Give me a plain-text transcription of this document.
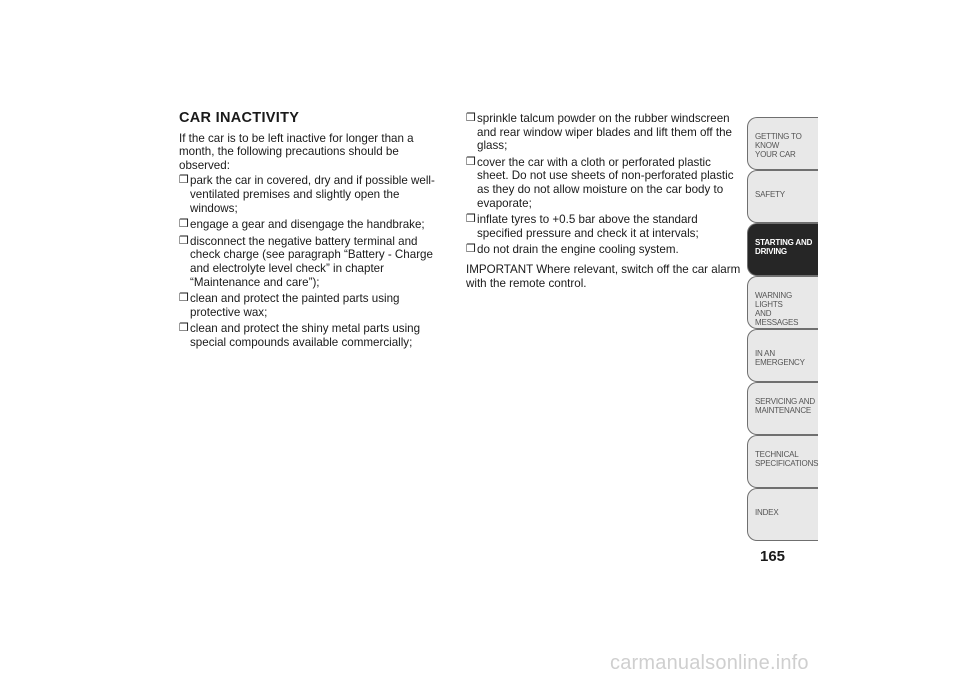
CAR INACTIVITY
If the car is to be left inactive for longer than a month, the following precautions should be observed:
❒ park the car in covered, dry and if possible well-ventilated premises and slightly open the windows;
❒ engage a gear and disengage the handbrake;
❒ disconnect the negative battery terminal and check charge (see paragraph “Battery - Charge and electrolyte level check” in chapter “Maintenance and care”);
❒ clean and protect the painted parts using protective wax;
❒ clean and protect the shiny metal parts using special compounds available commercially;
❒ sprinkle talcum powder on the rubber windscreen and rear window wiper blades and lift them off the glass;
❒ cover the car with a cloth or perforated plastic sheet. Do not use sheets of non-perforated plastic as they do not allow moisture on the car body to evaporate;
❒ inflate tyres to +0.5 bar above the standard specified pressure and check it at intervals;
❒ do not drain the engine cooling system.
IMPORTANT Where relevant, switch off the car alarm with the remote control.
GETTING TO KNOW
YOUR CAR
SAFETY
STARTING AND
DRIVING
WARNING LIGHTS
AND MESSAGES
IN AN EMERGENCY
SERVICING AND
MAINTENANCE
TECHNICAL
SPECIFICATIONS
INDEX
165
carmanualsonline.info
